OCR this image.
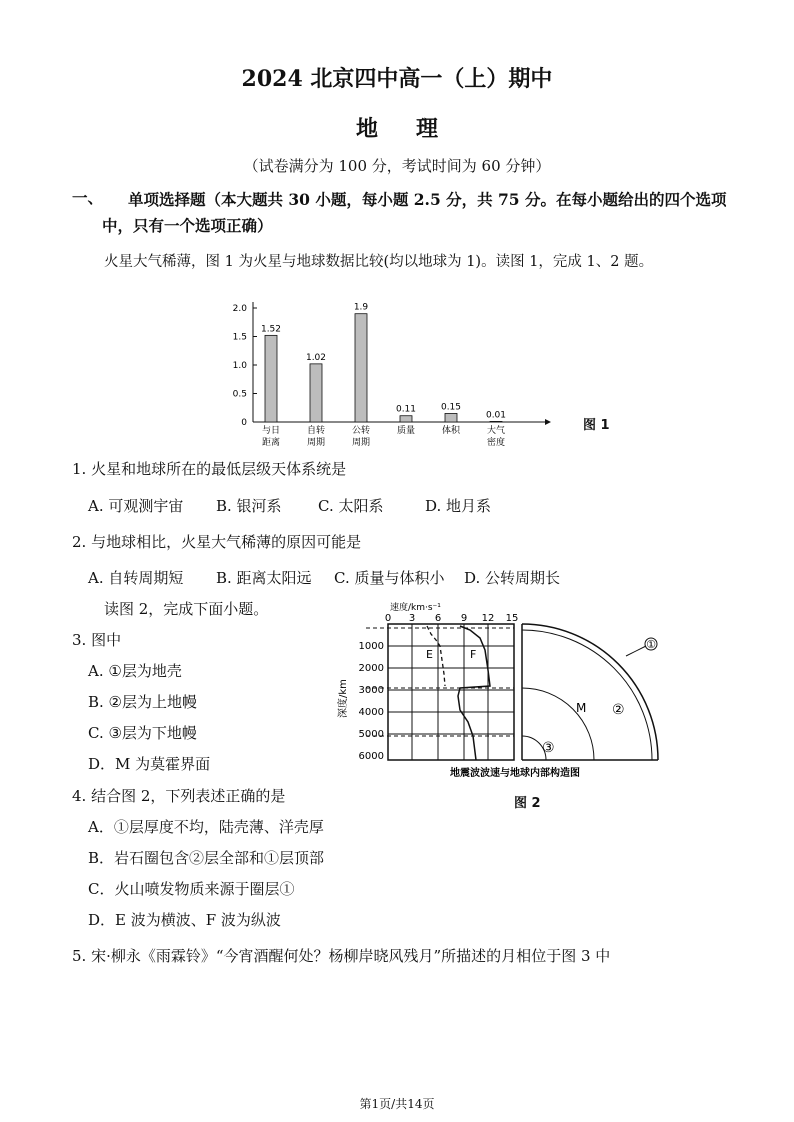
2024 北京四中高一（上）期中
地理
（试卷满分为 100 分，考试时间为 60 分钟）
一、 单项选择题（本大题共 30 小题，每小题 2.5 分，共 75 分。在每小题给出的四个选项
中，只有一个选项正确）
火星大气稀薄，图 1 为火星与地球数据比较(均以地球为 1)。读图 1，完成 1、2 题。
0
0.5
1.0
1.5
2.0
1.52
与日
距离
1.02
自转
周期
1.9
公转
周期
0.11
质量
0.15
体积
0.01
大气
密度
图 1
1. 火星和地球所在的最低层级天体系统是
A. 可观测宇宙 B. 银河系 C. 太阳系	D. 地月系
2. 与地球相比，火星大气稀薄的原因可能是
A. 自转周期短 B. 距离太阳远 C. 质量与体积小 D. 公转周期长
读图 2，完成下面小题。
3. 图中
A. ①层为地壳
B. ②层为上地幔
C. ③层为下地幔
D．M 为莫霍界面
4. 结合图 2，下列表述正确的是
A．①层厚度不均，陆壳薄、洋壳厚
B．岩石圈包含②层全部和①层顶部
C．火山喷发物质来源于圈层①
D．E 波为横波、F 波为纵波
5. 宋·柳永《雨霖铃》“今宵酒醒何处？杨柳岸晓风残月”所描述的月相位于图 3 中
速度/km·s⁻¹
0 3 6 9 12 15
1000
2000
3000
4000
5000
6000
深度/km
E	F
①
M ②
③
地震波波速与地球内部构造图
图 2
第1页/共14页
